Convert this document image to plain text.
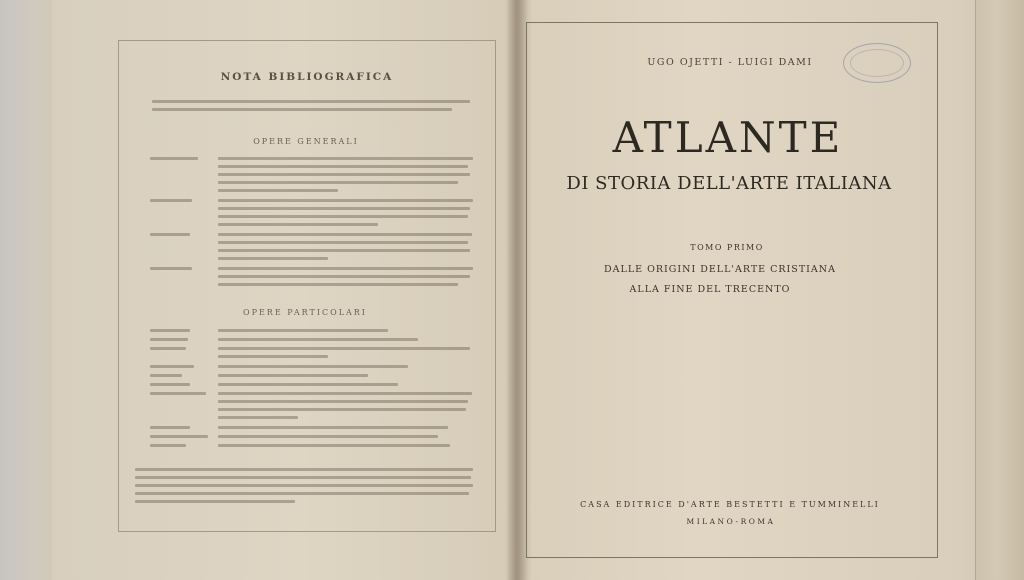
NOTA BIBLIOGRAFICA
OPERE GENERALI
OPERE PARTICOLARI
UGO OJETTI - LUIGI DAMI
ATLANTE
DI STORIA DELL'ARTE ITALIANA
TOMO PRIMO
DALLE ORIGINI DELL'ARTE CRISTIANA
ALLA FINE DEL TRECENTO
CASA EDITRICE D'ARTE BESTETTI E TUMMINELLI
MILANO-ROMA
